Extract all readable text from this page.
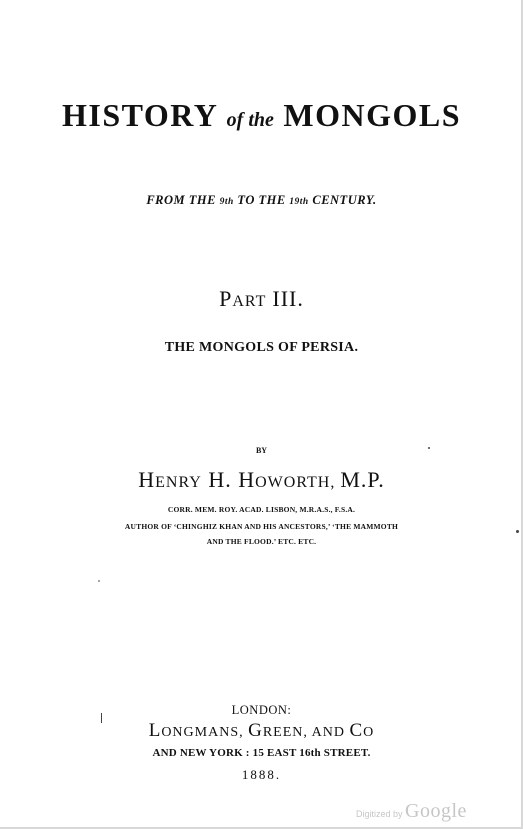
HISTORY of the MONGOLS
FROM THE 9th TO THE 19th CENTURY.
PART III.
THE MONGOLS OF PERSIA.
BY
HENRY H. HOWORTH, M.P.
CORR. MEM. ROY. ACAD. LISBON, M.R.A.S., F.S.A.
AUTHOR OF ‘CHINGHIZ KHAN AND HIS ANCESTORS,’ ‘THE MAMMOTH
AND THE FLOOD.’ ETC. ETC.
LONDON:
LONGMANS, GREEN, AND CO
AND NEW YORK : 15 EAST 16th STREET.
1888.
Digitized by Google
